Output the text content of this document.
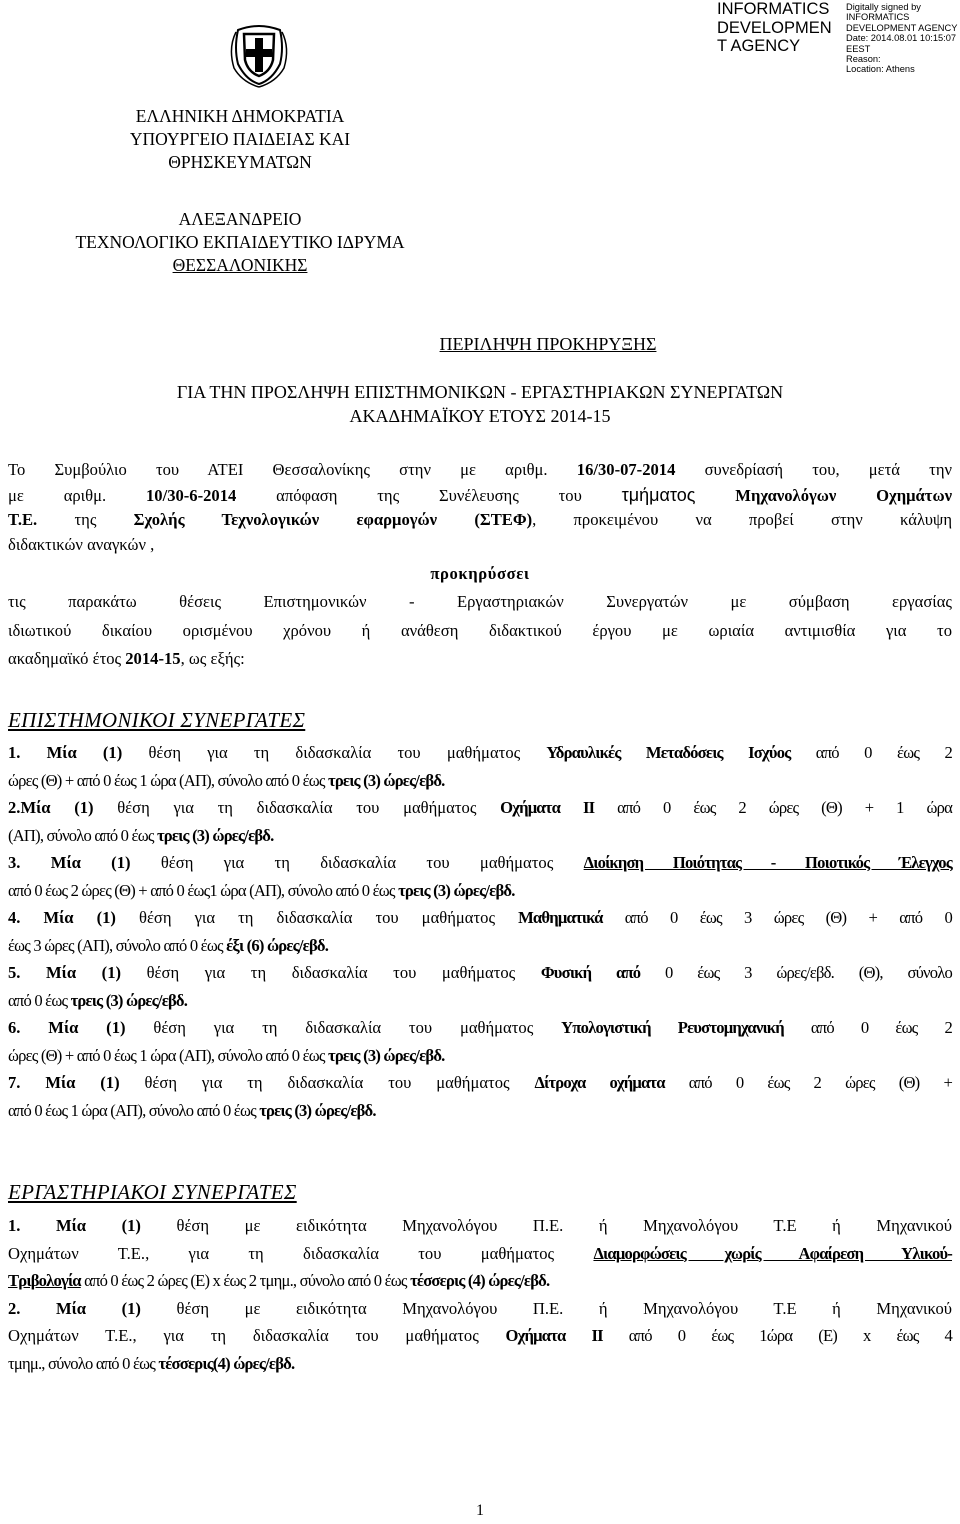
INFORMATICS DEVELOPMEN T AGENCY
Digitally signed by
INFORMATICS
DEVELOPMENT AGENCY
Date: 2014.08.01 10:15:07
EEST
Reason:
Location: Athens
ΕΛΛΗΝΙΚΗ ΔΗΜΟΚΡΑΤΙΑ
ΥΠΟΥΡΓΕΙΟ ΠΑΙΔΕΙΑΣ ΚΑΙ
ΘΡΗΣΚΕΥΜΑΤΩΝ
ΑΛΕΞΑΝΔΡΕΙΟ
ΤΕΧΝΟΛΟΓΙΚΟ ΕΚΠΑΙΔΕΥΤΙΚΟ ΙΔΡΥΜΑ
ΘΕΣΣΑΛΟΝΙΚΗΣ
ΠΕΡΙΛΗΨΗ ΠΡΟΚΗΡΥΞΗΣ
ΓΙΑ ΤΗΝ ΠΡΟΣΛΗΨΗ ΕΠΙΣΤΗΜΟΝΙΚΩΝ - ΕΡΓΑΣΤΗΡΙΑΚΩΝ ΣΥΝΕΡΓΑΤΩΝ
ΑΚΑΔΗΜΑΪΚΟΥ ΕΤΟΥΣ 2014-15
Το Συμβούλιο του ΑΤΕΙ Θεσσαλονίκης στην με αριθμ. 16/30-07-2014 συνεδρίασή του, μετά την
με αριθμ. 10/30-6-2014 απόφαση της Συνέλευσης του τμήματος Μηχανολόγων Οχημάτων
Τ.Ε. της Σχολής Τεχνολογικών εφαρμογών (ΣΤΕΦ), προκειμένου να προβεί στην κάλυψη
διδακτικών αναγκών ,
προκηρύσσει
τις παρακάτω θέσεις Επιστημονικών - Εργαστηριακών Συνεργατών με σύμβαση εργασίας
ιδιωτικού δικαίου ορισμένου χρόνου ή ανάθεση διδακτικού έργου με ωριαία αντιμισθία για το
ακαδημαϊκό έτος 2014-15, ως εξής:
ΕΠΙΣΤΗΜΟΝΙΚΟΙ ΣΥΝΕΡΓΑΤΕΣ
1. Μία (1) θέση για τη διδασκαλία του μαθήματος Υδραυλικές Μεταδόσεις Ισχύος από 0 έως 2
ώρες (Θ) + από 0 έως 1 ώρα (ΑΠ), σύνολο από 0 έως τρεις (3) ώρες/εβδ.
2.Μία (1) θέση για τη διδασκαλία του μαθήματος Οχήματα ΙΙ από 0 έως 2 ώρες (Θ) + 1 ώρα
(ΑΠ), σύνολο από 0 έως τρεις (3) ώρες/εβδ.
3. Μία (1) θέση για τη διδασκαλία του μαθήματος Διοίκηση Ποιότητας - Ποιοτικός Έλεγχος
από 0 έως 2 ώρες (Θ) + από 0 έως1 ώρα (ΑΠ), σύνολο από 0 έως τρεις (3) ώρες/εβδ.
4. Μία (1) θέση για τη διδασκαλία του μαθήματος Μαθηματικά από 0 έως 3 ώρες (Θ) + από 0
έως 3 ώρες (ΑΠ), σύνολο από 0 έως έξι (6) ώρες/εβδ.
5. Μία (1) θέση για τη διδασκαλία του μαθήματος Φυσική από 0 έως 3 ώρες/εβδ. (Θ), σύνολο
από 0 έως τρεις (3) ώρες/εβδ.
6. Μία (1) θέση για τη διδασκαλία του μαθήματος Υπολογιστική Ρευστομηχανική από 0 έως 2
ώρες (Θ) + από 0 έως 1 ώρα (ΑΠ), σύνολο από 0 έως τρεις (3) ώρες/εβδ.
7. Μία (1) θέση για τη διδασκαλία του μαθήματος Δίτροχα οχήματα από 0 έως 2 ώρες (Θ) +
από 0 έως 1 ώρα (ΑΠ), σύνολο από 0 έως τρεις (3) ώρες/εβδ.
ΕΡΓΑΣΤΗΡΙΑΚΟΙ ΣΥΝΕΡΓΑΤΕΣ
1. Μία (1) θέση με ειδικότητα Μηχανολόγου Π.Ε. ή Μηχανολόγου Τ.Ε ή Μηχανικού
Οχημάτων Τ.Ε., για τη διδασκαλία του μαθήματος Διαμορφώσεις χωρίς Αφαίρεση Υλικού-
Τριβολογία από 0 έως 2 ώρες (Ε) x έως 2 τμημ., σύνολο από 0 έως τέσσερις (4) ώρες/εβδ.
2. Μία (1) θέση με ειδικότητα Μηχανολόγου Π.Ε. ή Μηχανολόγου Τ.Ε ή Μηχανικού
Οχημάτων Τ.Ε., για τη διδασκαλία του μαθήματος Οχήματα ΙΙ από 0 έως 1ώρα (Ε) x έως 4
τμημ., σύνολο από 0 έως τέσσερις(4) ώρες/εβδ.
1
